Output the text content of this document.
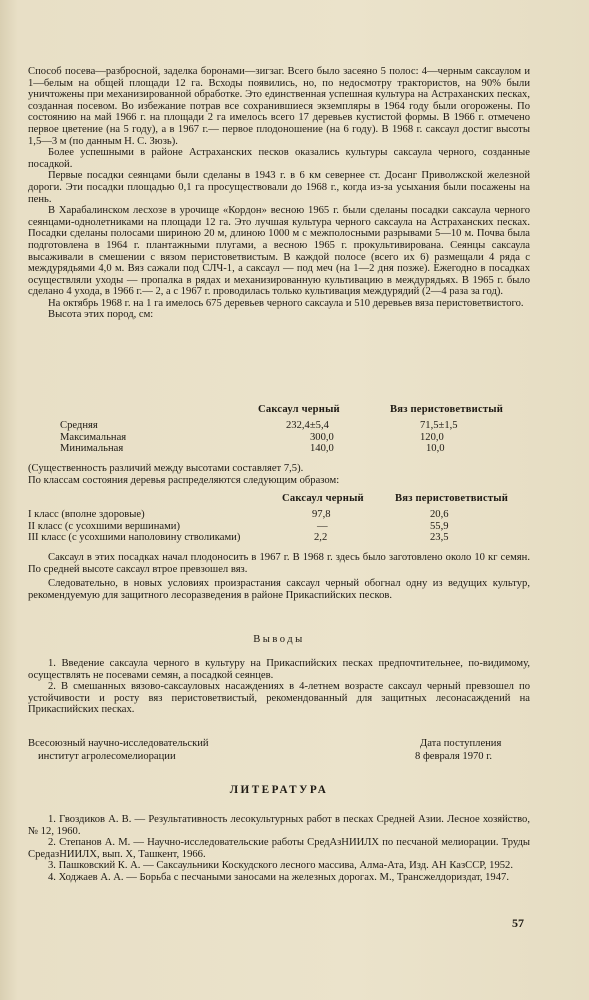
Способ посева—разбросной, заделка боронами—зигзаг. Всего было засеяно 5 полос: 4—черным саксаулом и 1—белым на общей площади 12 га. Всходы появились, но, по недосмотру трактористов, на 90% были уничтожены при механизированной обработке. Это единственная успешная культура на Астраханских песках, созданная посевом. Во избежание потрав все сохранившиеся экземпляры в 1964 году были огорожены. По состоянию на май 1966 г. на площади 2 га имелось всего 17 деревьев кустистой формы. В 1966 г. отмечено первое цветение (на 5 году), а в 1967 г.— первое плодоношение (на 6 году). В 1968 г. саксаул достиг высоты 1,5—3 м (по данным Н. С. Зюзь).

Более успешными в районе Астраханских песков оказались культуры саксаула черного, созданные посадкой.

Первые посадки сеянцами были сделаны в 1943 г. в 6 км севернее ст. Досанг Приволжской железной дороги. Эти посадки площадью 0,1 га просуществовали до 1968 г., когда из-за усыхания были посажены на пень.

В Харабалинском лесхозе в урочище «Кордон» весною 1965 г. были сделаны посадки саксаула черного сеянцами-однолетниками на площади 12 га. Это лучшая культура черного саксаула на Астраханских песках. Посадки сделаны полосами шириною 20 м, длиною 1000 м с межполосными разрывами 5—10 м. Почва была подготовлена в 1964 г. плантажными плугами, а весною 1965 г. прокультивирована. Сеянцы саксаула высаживали в смешении с вязом перистоветвистым. В каждой полосе (всего их 6) размещали 4 ряда с междурядьями 4,0 м. Вяз сажали под СЛЧ-1, а саксаул — под меч (на 1—2 дня позже). Ежегодно в посадках осуществляли уходы — пропалка в рядах и механизированную культивацию в междурядьях. В 1965 г. было сделано 4 ухода, в 1966 г.— 2, а с 1967 г. проводилась только культивация междурядий (2—4 раза за год).

На октябрь 1968 г. на 1 га имелось 675 деревьев черного саксаула и 510 деревьев вяза перистоветвистого.

Высота этих пород, см:

Саксаул черный	Вяз перистоветвистый
Средняя	232,4±5,4	71,5±1,5
Максимальная	300,0	120,0
Минимальная	140,0	10,0

(Существенность различий между высотами составляет 7,5).

По классам состояния деревья распределяются следующим образом:

Саксаул черный	Вяз перистоветвистый
I класс (вполне здоровые)	97,8	20,6
II класс (с усохшими вершинами)	—	55,9
III класс (с усохшими наполовину стволиками)	2,2	23,5

Саксаул в этих посадках начал плодоносить в 1967 г. В 1968 г. здесь было заготовлено около 10 кг семян. По средней высоте саксаул втрое превзошел вяз.

Следовательно, в новых условиях произрастания саксаул черный обогнал одну из ведущих культур, рекомендуемую для защитного лесоразведения в районе Прикаспийских песков.

Выводы

1. Введение саксаула черного в культуру на Прикаспийских песках предпочтительнее, по-видимому, осуществлять не посевами семян, а посадкой сеянцев.

2. В смешанных вязово-саксауловых насаждениях в 4-летнем возрасте саксаул черный превзошел по устойчивости и росту вяз перистоветвистый, рекомендованный для защитных лесонасаждений на Прикаспийских песках.

Всесоюзный научно-исследовательский	Дата поступления
институт агролесомелиорации	8 февраля 1970 г.
ЛИТЕРАТУРА

1. Гвоздиков А. В. — Результативность лесокультурных работ в песках Средней Азии. Лесное хозяйство, № 12, 1960.

2. Степанов А. М. — Научно-исследовательские работы СредАзНИИЛХ по песчаной мелиорации. Труды СредазНИИЛХ, вып. X, Ташкент, 1966.

3. Пашковский К. А. — Саксаульники Коскудского лесного массива, Алма-Ата, Изд. АН КазССР, 1952.

4. Ходжаев А. А. — Борьба с песчаными заносами на железных дорогах. М., Трансжелдориздат, 1947.

57
